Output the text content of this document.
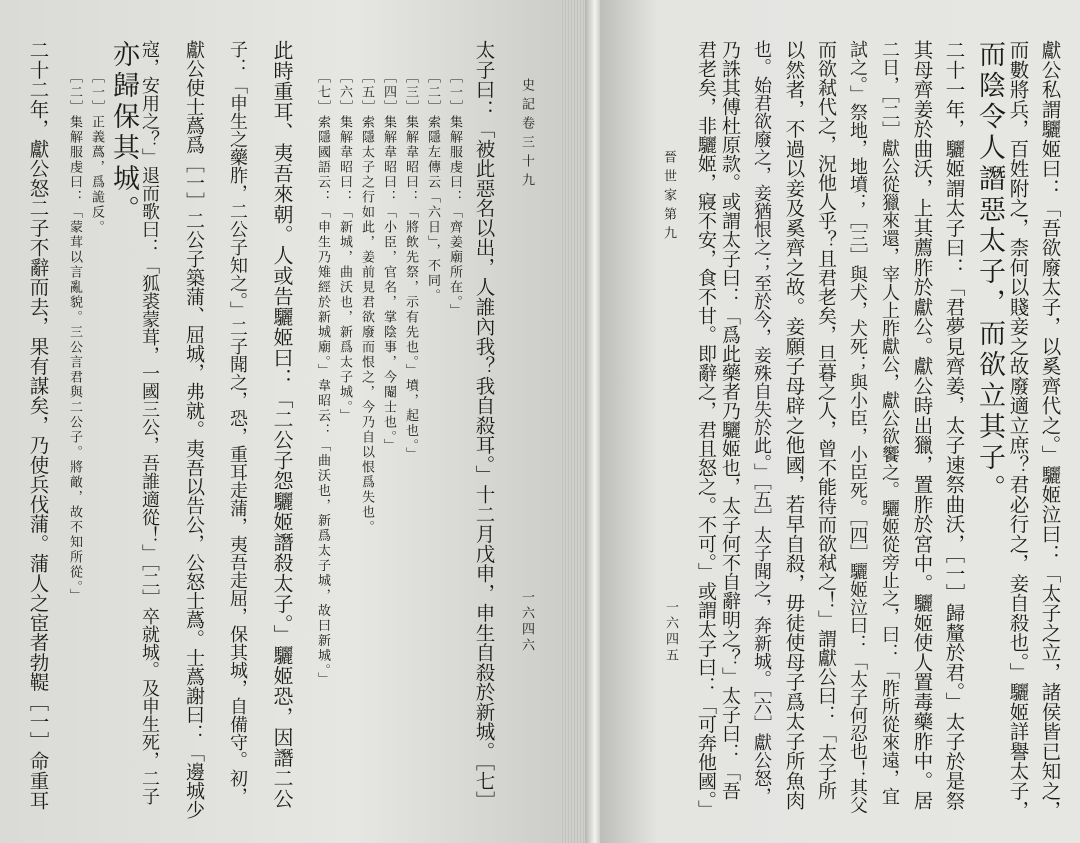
史記卷三十九
一六四六
太子曰：「被此惡名以出，人誰內我？我自殺耳。」十二月戊申，申生自殺於新城。［七］
［一］集解服虔曰：「齊姜廟所在。」
［二］索隱左傳云「六日」，不同。
［三］集解韋昭曰：「將飲先祭，示有先也。」墳，起也。」
［四］集解韋昭曰：「小臣，官名，掌陰事，今閹士也。」
［五］索隱太子之行如此，姜前見君欲廢而恨之，今乃自以恨爲失也。
［六］集解韋昭曰：「新城，曲沃也，新爲太子城。」
［七］索隱國語云：「申生乃雉經於新城廟。」韋昭云：「曲沃也，新爲太子城，故曰新城。」
此時重耳、夷吾來朝。人或告驪姬曰：「二公子怨驪姬譖殺太子。」驪姬恐，因譖二公
子：「申生之藥胙，二公子知之。」二子聞之，恐，重耳走蒲，夷吾走屈，保其城，自備守。初，
獻公使士蔿爲［一］二公子築蒲、屈城，弗就。夷吾以告公，公怒士蔿。士蔿謝曰：「邊城少
寇，安用之？」退而歌曰：「狐裘蒙茸，一國三公，吾誰適從！」［二］卒就城。及申生死，二子
亦歸保其城。
［一］正義蔿，爲詭反。
［二］集解服虔曰：「蒙茸以言亂貌。三公言君與二公子。將敵，故不知所從。」
二十二年，獻公怒二子不辭而去，果有謀矣，乃使兵伐蒲。蒲人之宦者勃鞮［一］命重耳	晉世家第九
一六四五	獻公私謂驪姬曰：「吾欲廢太子，以奚齊代之。」驪姬泣曰：「太子之立，諸侯皆已知之，
而數將兵，百姓附之，柰何以賤妾之故廢適立庶？君必行之，妾自殺也。」驪姬詳譽太子，
而陰令人譖惡太子，而欲立其子。
二十一年，驪姬謂太子曰：「君夢見齊姜，太子速祭曲沃，［一］歸釐於君。」太子於是祭
其母齊姜於曲沃，上其薦胙於獻公。獻公時出獵，置胙於宮中。驪姬使人置毒藥胙中。居
二日，［二］獻公從獵來還，宰人上胙獻公，獻公欲饗之。驪姬從旁止之，曰：「胙所從來遠，宜
試之。」祭地，地墳；［三］與犬，犬死；與小臣，小臣死。［四］驪姬泣曰：「太子何忍也！其父
而欲弒代之，況他人乎？且君老矣，旦暮之人，曾不能待而欲弒之！」謂獻公曰：「太子所
以然者，不過以妾及奚齊之故。妾願子母辟之他國，若早自殺，毋徒使母子爲太子所魚肉
也。始君欲廢之，妾猶恨之；至於今，妾殊自失於此。」［五］太子聞之，奔新城。［六］獻公怒，
乃誅其傅杜原款。或謂太子曰：「爲此藥者乃驪姬也，太子何不自辭明之？」太子曰：「吾
君老矣，非驪姬，寢不安，食不甘。即辭之，君且怒之。不可。」或謂太子曰：「可奔他國。」
